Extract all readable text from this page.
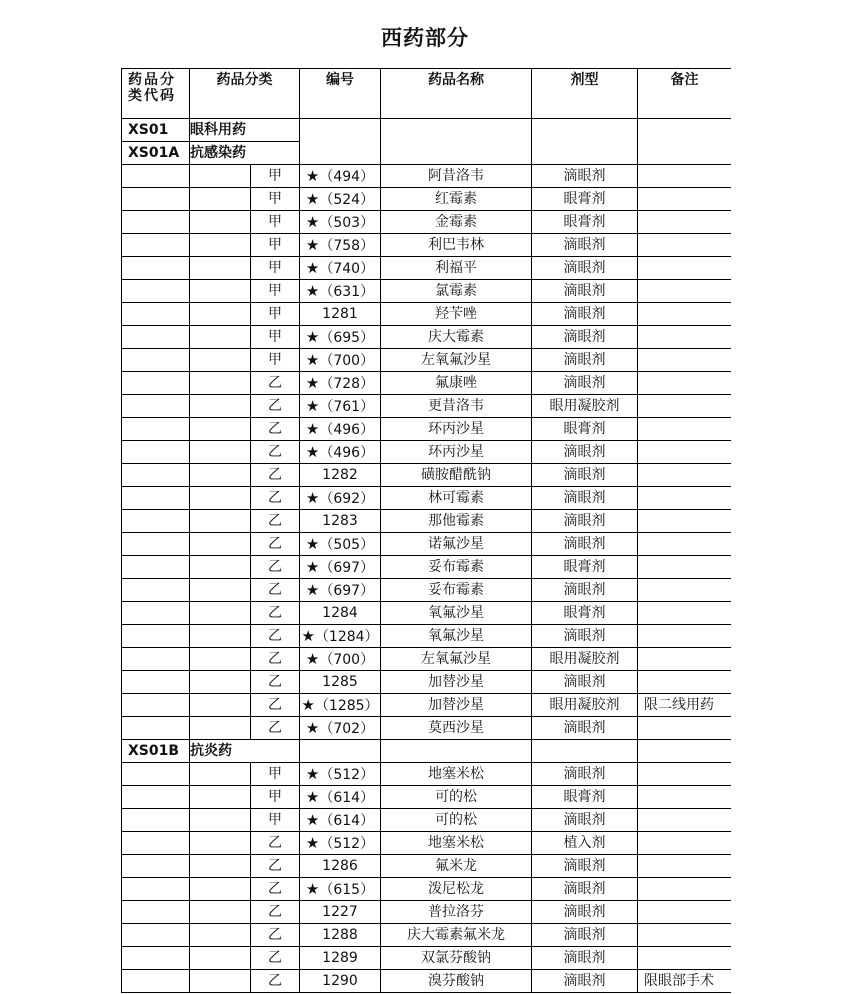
西药部分
药品分类代码	药品分类		编号	药品名称	剂型	备注
XS01	眼科用药					
XS01A	抗感染药					
		甲	★（494）	阿昔洛韦	滴眼剂	
		甲	★（524）	红霉素	眼膏剂	
		甲	★（503）	金霉素	眼膏剂	
		甲	★（758）	利巴韦林	滴眼剂	
		甲	★（740）	利福平	滴眼剂	
		甲	★（631）	氯霉素	滴眼剂	
		甲	1281	羟苄唑	滴眼剂	
		甲	★（695）	庆大霉素	滴眼剂	
		甲	★（700）	左氧氟沙星	滴眼剂	
		乙	★（728）	氟康唑	滴眼剂	
		乙	★（761）	更昔洛韦	眼用凝胶剂	
		乙	★（496）	环丙沙星	眼膏剂	
		乙	★（496）	环丙沙星	滴眼剂	
		乙	1282	磺胺醋酰钠	滴眼剂	
		乙	★（692）	林可霉素	滴眼剂	
		乙	1283	那他霉素	滴眼剂	
		乙	★（505）	诺氟沙星	滴眼剂	
		乙	★（697）	妥布霉素	眼膏剂	
		乙	★（697）	妥布霉素	滴眼剂	
		乙	1284	氧氟沙星	眼膏剂	
		乙	★（1284）	氧氟沙星	滴眼剂	
		乙	★（700）	左氧氟沙星	眼用凝胶剂	
		乙	1285	加替沙星	滴眼剂	
		乙	★（1285）	加替沙星	眼用凝胶剂	限二线用药
		乙	★（702）	莫西沙星	滴眼剂	
XS01B	抗炎药					
		甲	★（512）	地塞米松	滴眼剂	
		甲	★（614）	可的松	眼膏剂	
		甲	★（614）	可的松	滴眼剂	
		乙	★（512）	地塞米松	植入剂	
		乙	1286	氟米龙	滴眼剂	
		乙	★（615）	泼尼松龙	滴眼剂	
		乙	1227	普拉洛芬	滴眼剂	
		乙	1288	庆大霉素氟米龙	滴眼剂	
		乙	1289	双氯芬酸钠	滴眼剂	
		乙	1290	溴芬酸钠	滴眼剂	限眼部手术
